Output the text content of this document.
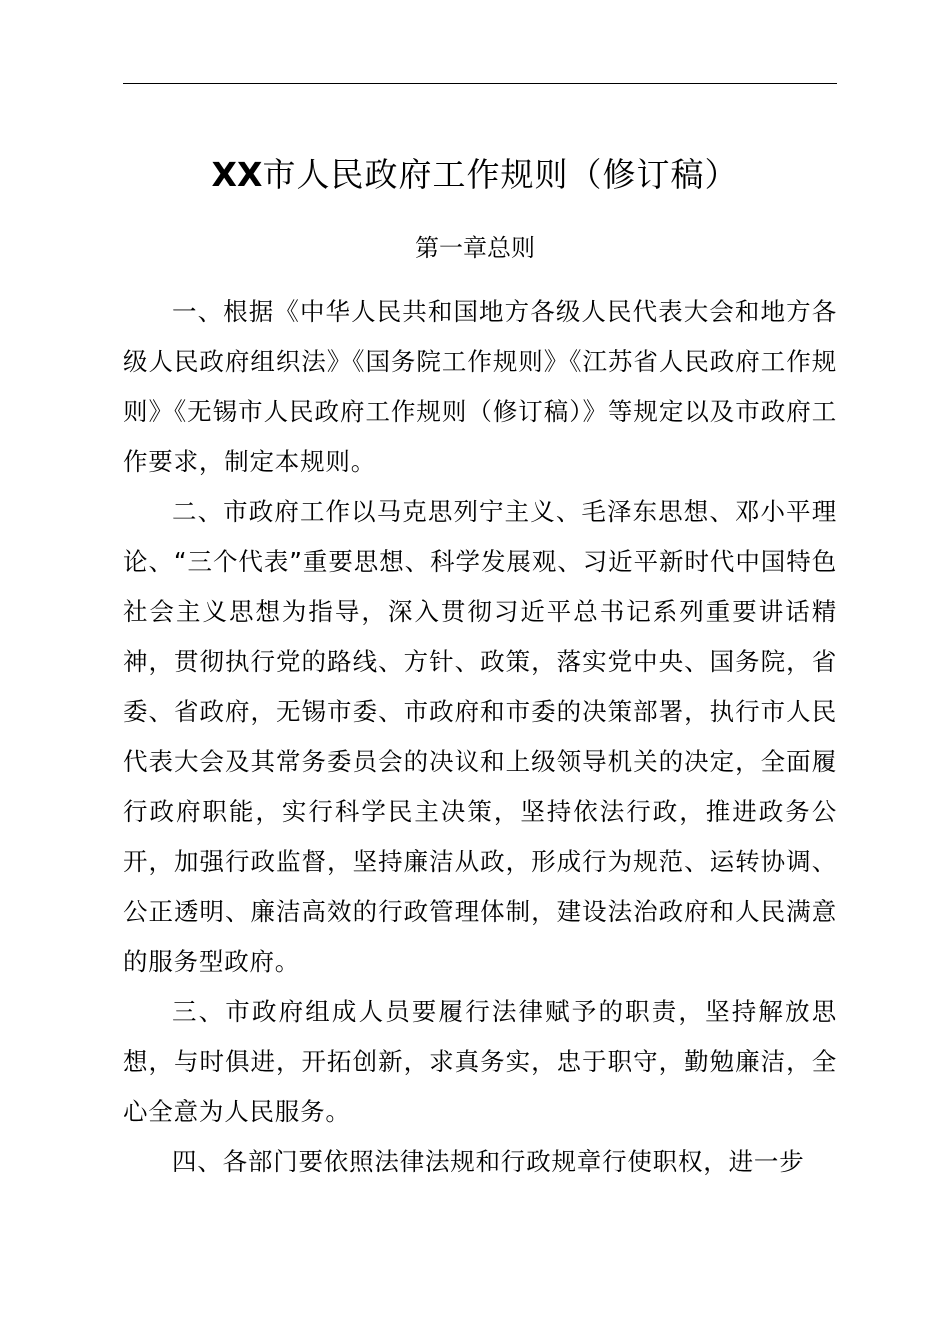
XX市人民政府工作规则（修订稿）
第一章总则

一、根据《中华人民共和国地方各级人民代表大会和地方各级人民政府组织法》《国务院工作规则》《江苏省人民政府工作规则》《无锡市人民政府工作规则（修订稿）》等规定以及市政府工作要求，制定本规则。

二、市政府工作以马克思列宁主义、毛泽东思想、邓小平理论、“三个代表”重要思想、科学发展观、习近平新时代中国特色社会主义思想为指导，深入贯彻习近平总书记系列重要讲话精神，贯彻执行党的路线、方针、政策，落实党中央、国务院，省委、省政府，无锡市委、市政府和市委的决策部署，执行市人民代表大会及其常务委员会的决议和上级领导机关的决定，全面履行政府职能，实行科学民主决策，坚持依法行政，推进政务公开，加强行政监督，坚持廉洁从政，形成行为规范、运转协调、公正透明、廉洁高效的行政管理体制，建设法治政府和人民满意的服务型政府。

三、市政府组成人员要履行法律赋予的职责，坚持解放思想，与时俱进，开拓创新，求真务实，忠于职守，勤勉廉洁，全心全意为人民服务。

四、各部门要依照法律法规和行政规章行使职权，进一步
